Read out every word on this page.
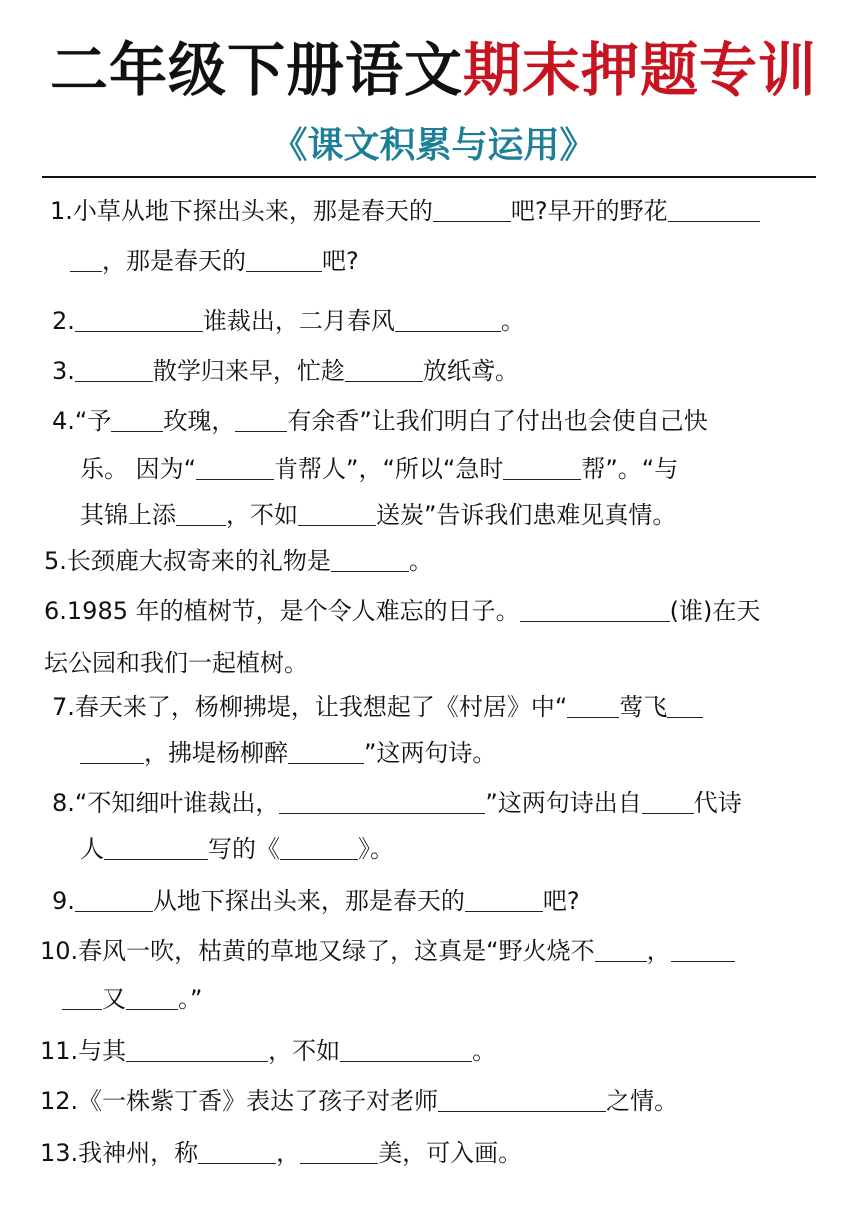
二年级下册语文期末押题专训
《课文积累与运用》
1.小草从地下探出头来，那是春天的	吧?早开的野花
，那是春天的	吧?
2.	谁裁出，二月春风	。
3.	散学归来早，忙趁	放纸鸢。
4.“予 玫瑰， 有余香”让我们明白了付出也会使自己快
乐。 因为“	肯帮人”，“所以“急时	帮”。“与
其锦上添 ，不如	送炭”告诉我们患难见真情。
5.长颈鹿大叔寄来的礼物是	。
6.1985 年的植树节，是个令人难忘的日子。	(谁)在天
坛公园和我们一起植树。
7.春天来了，杨柳拂堤，让我想起了《村居》中“ 莺飞
，拂堤杨柳醉	”这两句诗。
8.“不知细叶谁裁出，	”这两句诗出自 代诗
人	写的《	》。
9.	从地下探出头来，那是春天的	吧?
10.春风一吹，枯黄的草地又绿了，这真是“野火烧不 ，
又 。”
11.与其	，不如	。
12.《一株紫丁香》表达了孩子对老师	之情。
13.我神州，称	，	美，可入画。
